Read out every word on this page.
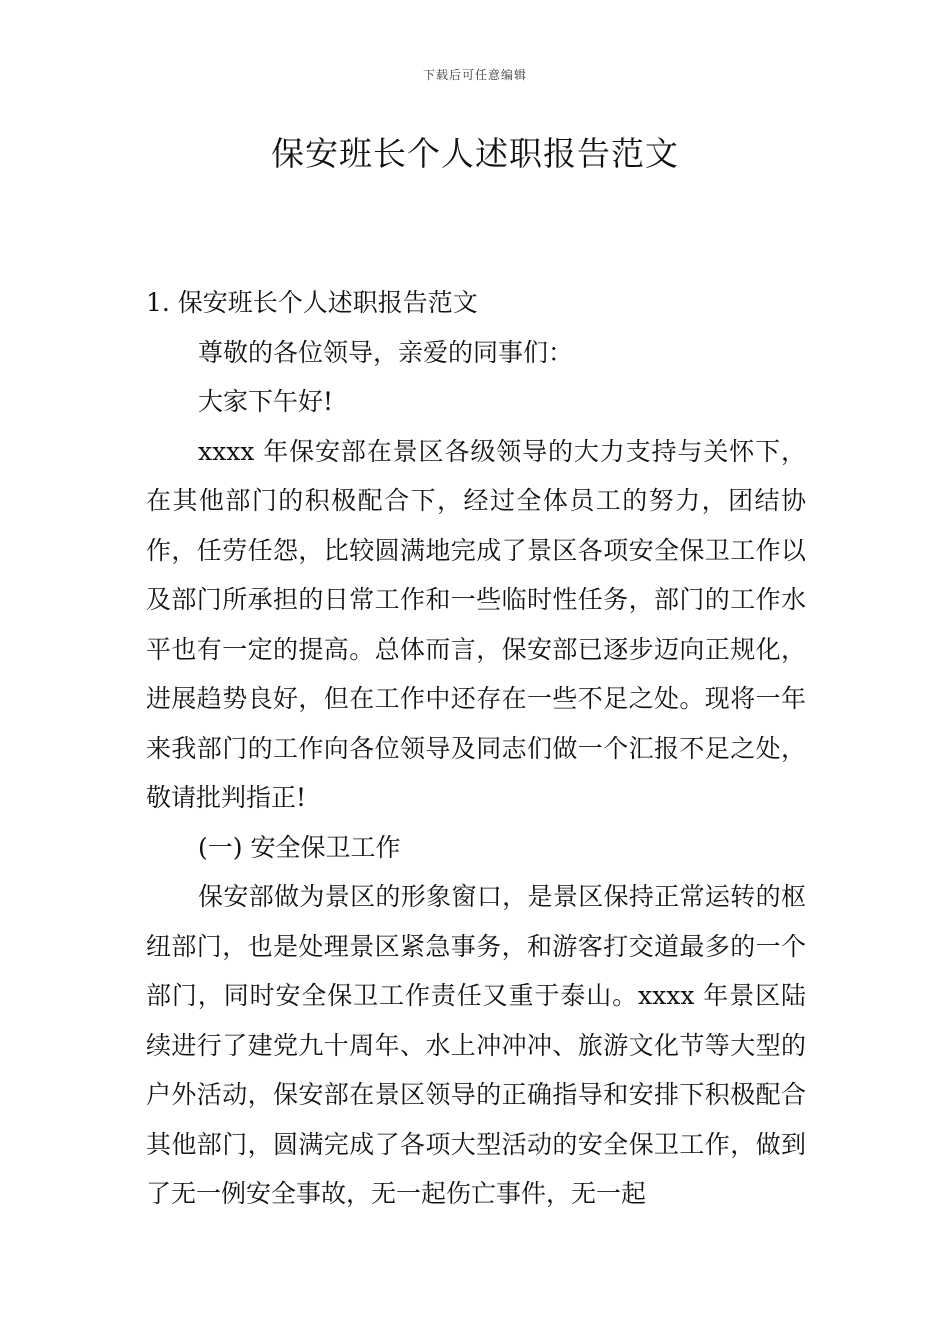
下载后可任意编辑
保安班长个人述职报告范文

1. 保安班长个人述职报告范文

尊敬的各位领导，亲爱的同事们：

大家下午好!

xxxx 年保安部在景区各级领导的大力支持与关怀下，在其他部门的积极配合下，经过全体员工的努力，团结协作，任劳任怨，比较圆满地完成了景区各项安全保卫工作以及部门所承担的日常工作和一些临时性任务，部门的工作水平也有一定的提高。总体而言，保安部已逐步迈向正规化，进展趋势良好，但在工作中还存在一些不足之处。现将一年来我部门的工作向各位领导及同志们做一个汇报不足之处，敬请批判指正!

(一) 安全保卫工作

保安部做为景区的形象窗口，是景区保持正常运转的枢纽部门，也是处理景区紧急事务，和游客打交道最多的一个部门，同时安全保卫工作责任又重于泰山。xxxx 年景区陆续进行了建党九十周年、水上冲冲冲、旅游文化节等大型的户外活动，保安部在景区领导的正确指导和安排下积极配合其他部门，圆满完成了各项大型活动的安全保卫工作，做到了无一例安全事故，无一起伤亡事件，无一起
